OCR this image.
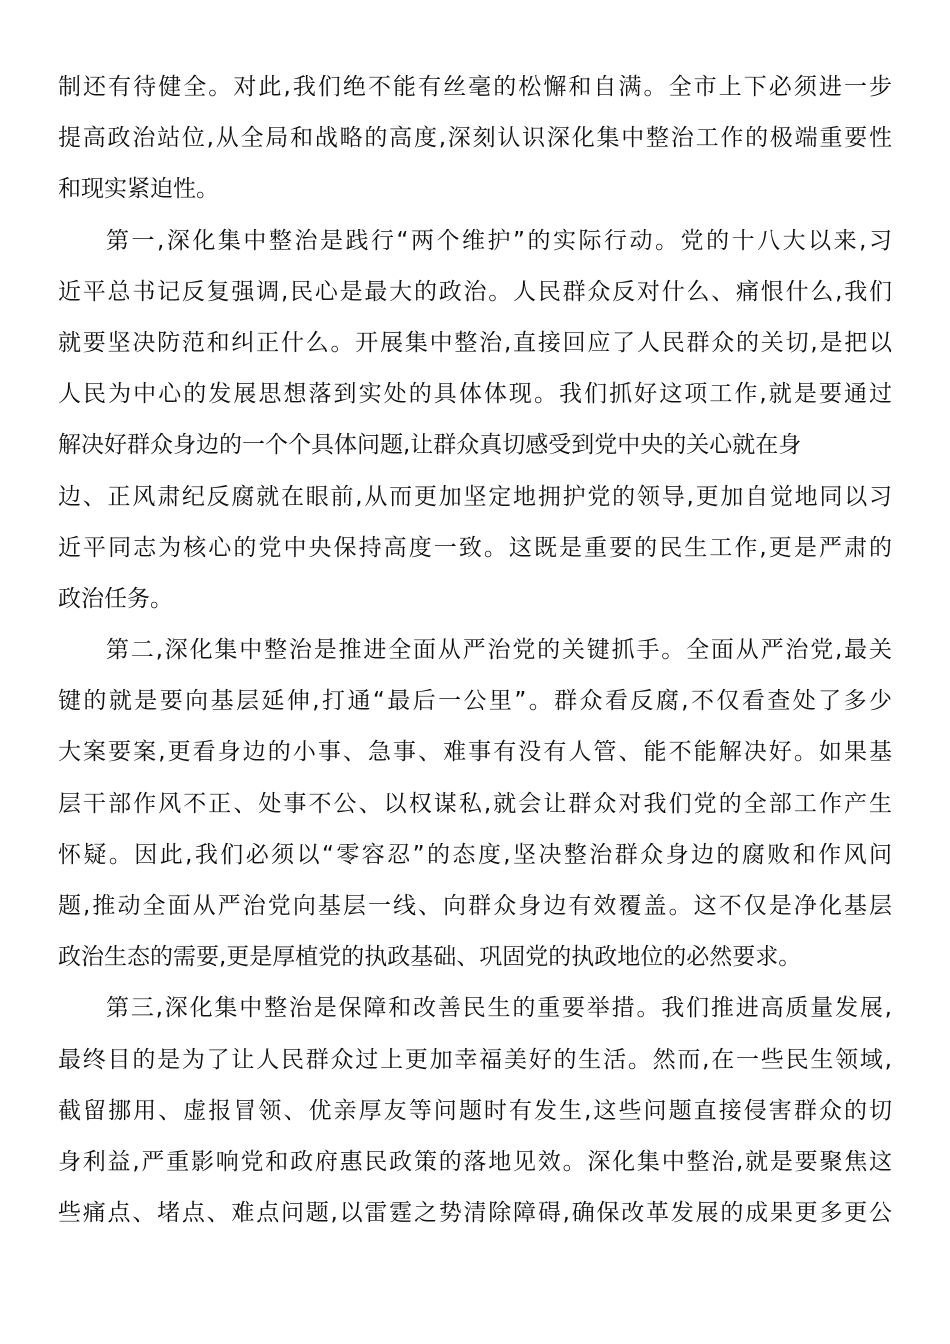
制还有待健全。对此,我们绝不能有丝毫的松懈和自满。全市上下必须进一步
提高政治站位,从全局和战略的高度,深刻认识深化集中整治工作的极端重要性
和现实紧迫性。
第一,深化集中整治是践行“两个维护”的实际行动。党的十八大以来,习
近平总书记反复强调,民心是最大的政治。人民群众反对什么、痛恨什么,我们
就要坚决防范和纠正什么。开展集中整治,直接回应了人民群众的关切,是把以
人民为中心的发展思想落到实处的具体体现。我们抓好这项工作,就是要通过
解决好群众身边的一个个具体问题,让群众真切感受到党中央的关心就在身
边、正风肃纪反腐就在眼前,从而更加坚定地拥护党的领导,更加自觉地同以习
近平同志为核心的党中央保持高度一致。这既是重要的民生工作,更是严肃的
政治任务。
第二,深化集中整治是推进全面从严治党的关键抓手。全面从严治党,最关
键的就是要向基层延伸,打通“最后一公里”。群众看反腐,不仅看查处了多少
大案要案,更看身边的小事、急事、难事有没有人管、能不能解决好。如果基
层干部作风不正、处事不公、以权谋私,就会让群众对我们党的全部工作产生
怀疑。因此,我们必须以“零容忍”的态度,坚决整治群众身边的腐败和作风问
题,推动全面从严治党向基层一线、向群众身边有效覆盖。这不仅是净化基层
政治生态的需要,更是厚植党的执政基础、巩固党的执政地位的必然要求。
第三,深化集中整治是保障和改善民生的重要举措。我们推进高质量发展,
最终目的是为了让人民群众过上更加幸福美好的生活。然而,在一些民生领域,
截留挪用、虚报冒领、优亲厚友等问题时有发生,这些问题直接侵害群众的切
身利益,严重影响党和政府惠民政策的落地见效。深化集中整治,就是要聚焦这
些痛点、堵点、难点问题,以雷霆之势清除障碍,确保改革发展的成果更多更公
